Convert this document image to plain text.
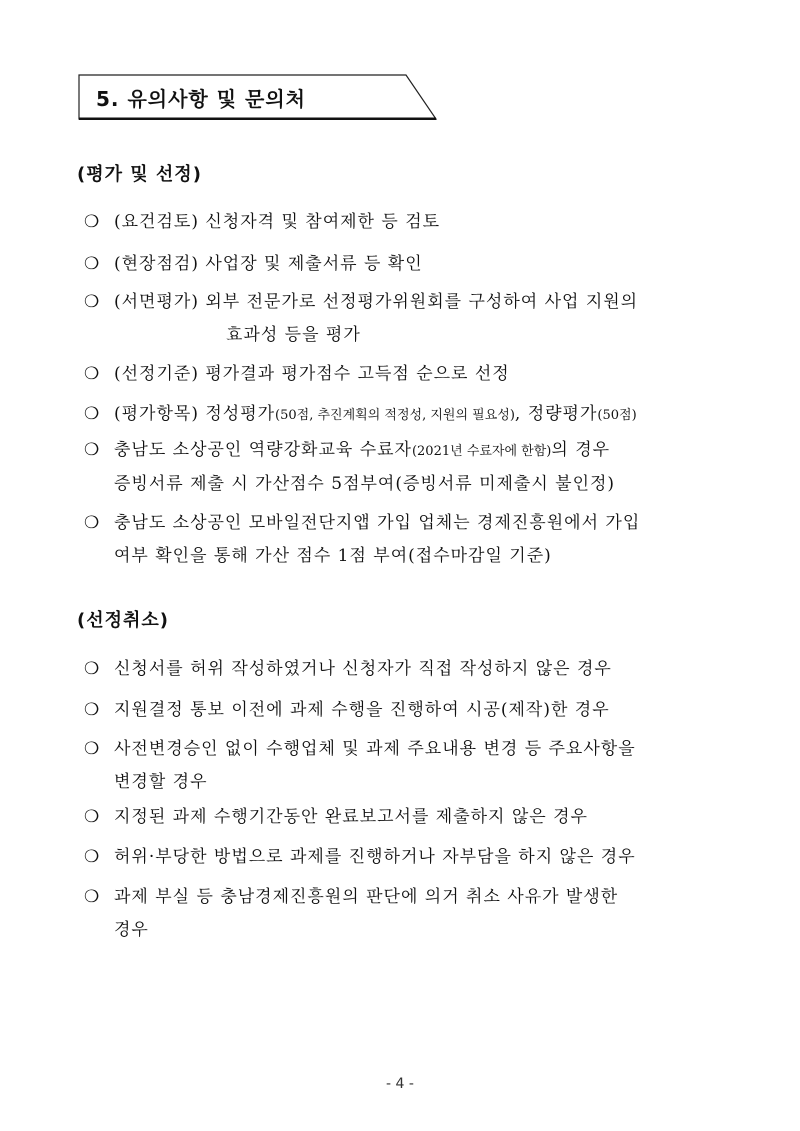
5. 유의사항 및 문의처
(평가 및 선정)
❍ (요건검토) 신청자격 및 참여제한 등 검토
❍ (현장점검) 사업장 및 제출서류 등 확인
❍ (서면평가) 외부 전문가로 선정평가위원회를 구성하여 사업 지원의
효과성 등을 평가
❍ (선정기준) 평가결과 평가점수 고득점 순으로 선정
❍ (평가항목) 정성평가(50점, 추진계획의 적정성, 지원의 필요성), 정량평가(50점)
❍ 충남도 소상공인 역량강화교육 수료자(2021년 수료자에 한함)의 경우
증빙서류 제출 시 가산점수 5점부여(증빙서류 미제출시 불인정)
❍ 충남도 소상공인 모바일전단지앱 가입 업체는 경제진흥원에서 가입
여부 확인을 통해 가산 점수 1점 부여(접수마감일 기준)
(선정취소)
❍ 신청서를 허위 작성하였거나 신청자가 직접 작성하지 않은 경우
❍ 지원결정 통보 이전에 과제 수행을 진행하여 시공(제작)한 경우
❍ 사전변경승인 없이 수행업체 및 과제 주요내용 변경 등 주요사항을
변경할 경우
❍ 지정된 과제 수행기간동안 완료보고서를 제출하지 않은 경우
❍ 허위·부당한 방법으로 과제를 진행하거나 자부담을 하지 않은 경우
❍ 과제 부실 등 충남경제진흥원의 판단에 의거 취소 사유가 발생한
경우
- 4 -
